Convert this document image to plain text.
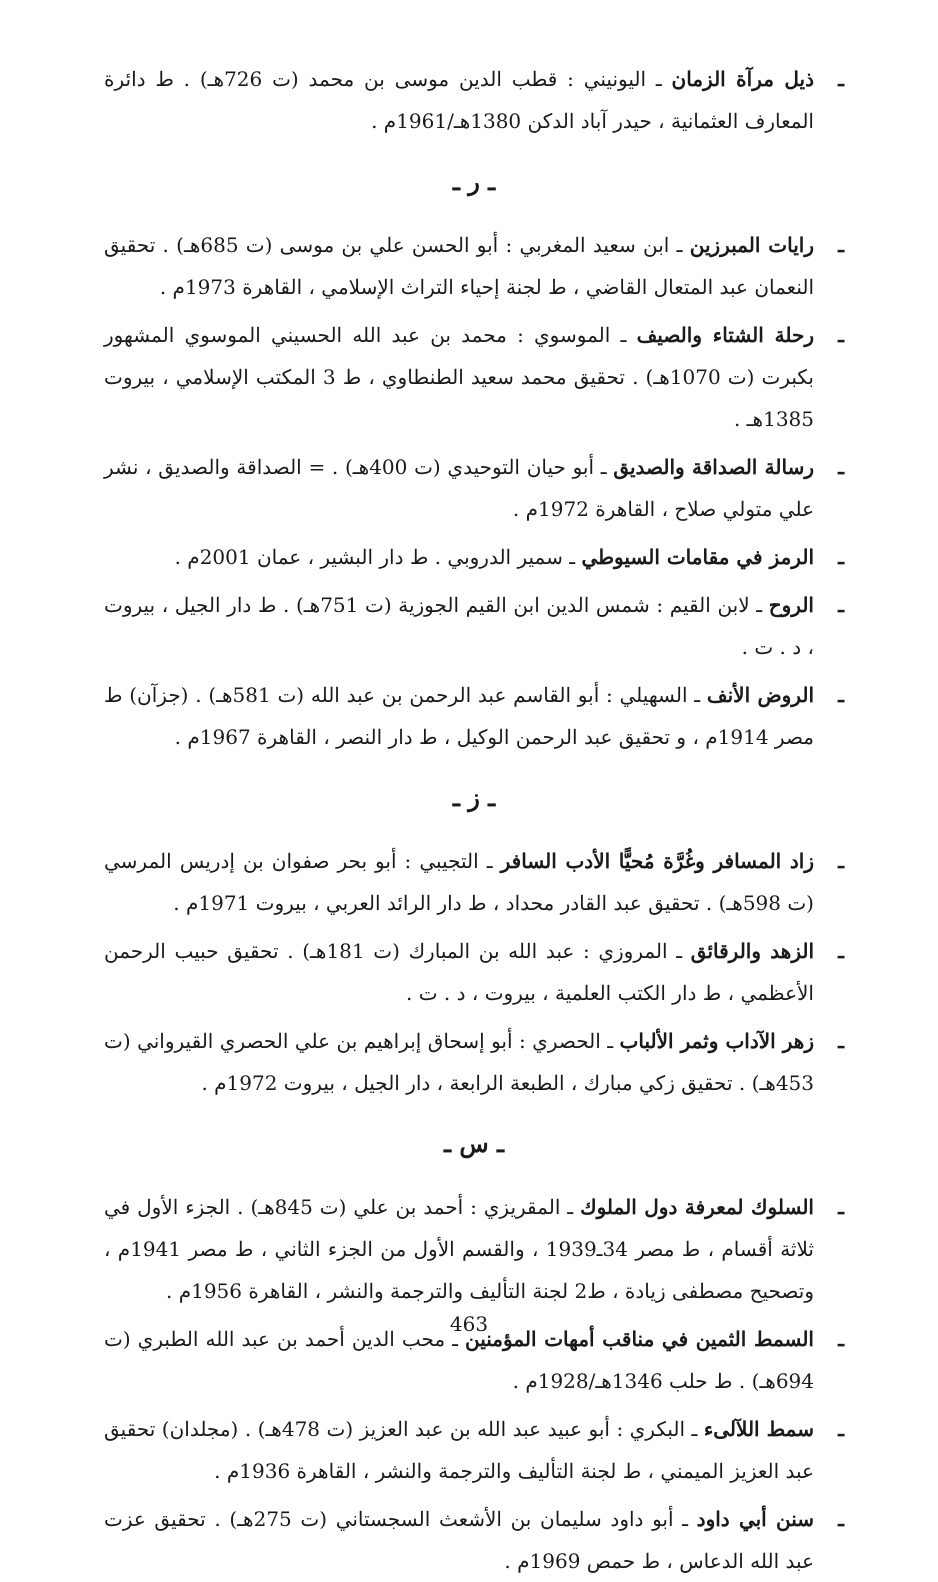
ـ
ذيل مرآة الزمان ـ اليونيني : قطب الدين موسى بن محمد (ت 726هـ) . ط دائرة المعارف العثمانية ، حيدر آباد الدكن 1380هـ/1961م .
ـ ر ـ
ـ
رايات المبرزين ـ ابن سعيد المغربي : أبو الحسن علي بن موسى (ت 685هـ) . تحقيق النعمان عبد المتعال القاضي ، ط لجنة إحياء التراث الإسلامي ، القاهرة 1973م .
ـ
رحلة الشتاء والصيف ـ الموسوي : محمد بن عبد الله الحسيني الموسوي المشهور بكبرت (ت 1070هـ) . تحقيق محمد سعيد الطنطاوي ، ط 3 المكتب الإسلامي ، بيروت 1385هـ .
ـ
رسالة الصداقة والصديق ـ أبو حيان التوحيدي (ت 400هـ) . = الصداقة والصديق ، نشر علي متولي صلاح ، القاهرة 1972م .
ـ
الرمز في مقامات السيوطي ـ سمير الدروبي . ط دار البشير ، عمان 2001م .
ـ
الروح ـ لابن القيم : شمس الدين ابن القيم الجوزية (ت 751هـ) . ط دار الجيل ، بيروت ، د . ت .
ـ
الروض الأنف ـ السهيلي : أبو القاسم عبد الرحمن بن عبد الله (ت 581هـ) . (جزآن) ط مصر 1914م ، و تحقيق عبد الرحمن الوكيل ، ط دار النصر ، القاهرة 1967م .
ـ ز ـ
ـ
زاد المسافر وغُرَّة مُحيًّا الأدب السافر ـ التجيبي : أبو بحر صفوان بن إدريس المرسي (ت 598هـ) . تحقيق عبد القادر محداد ، ط دار الرائد العربي ، بيروت 1971م .
ـ
الزهد والرقائق ـ المروزي : عبد الله بن المبارك (ت 181هـ) . تحقيق حبيب الرحمن الأعظمي ، ط دار الكتب العلمية ، بيروت ، د . ت .
ـ
زهر الآداب وثمر الألباب ـ الحصري : أبو إسحاق إبراهيم بن علي الحصري القيرواني (ت 453هـ) . تحقيق زكي مبارك ، الطبعة الرابعة ، دار الجيل ، بيروت 1972م .
ـ س ـ
ـ
السلوك لمعرفة دول الملوك ـ المقريزي : أحمد بن علي (ت 845هـ) . الجزء الأول في ثلاثة أقسام ، ط مصر 34ـ1939 ، والقسم الأول من الجزء الثاني ، ط مصر 1941م ، وتصحيح مصطفى زيادة ، ط2 لجنة التأليف والترجمة والنشر ، القاهرة 1956م .
ـ
السمط الثمين في مناقب أمهات المؤمنين ـ محب الدين أحمد بن عبد الله الطبري (ت 694هـ) . ط حلب 1346هـ/1928م .
ـ
سمط اللآلىء ـ البكري : أبو عبيد عبد الله بن عبد العزيز (ت 478هـ) . (مجلدان) تحقيق عبد العزيز الميمني ، ط لجنة التأليف والترجمة والنشر ، القاهرة 1936م .
ـ
سنن أبي داود ـ أبو داود سليمان بن الأشعث السجستاني (ت 275هـ) . تحقيق عزت عبد الله الدعاس ، ط حمص 1969م .
463
